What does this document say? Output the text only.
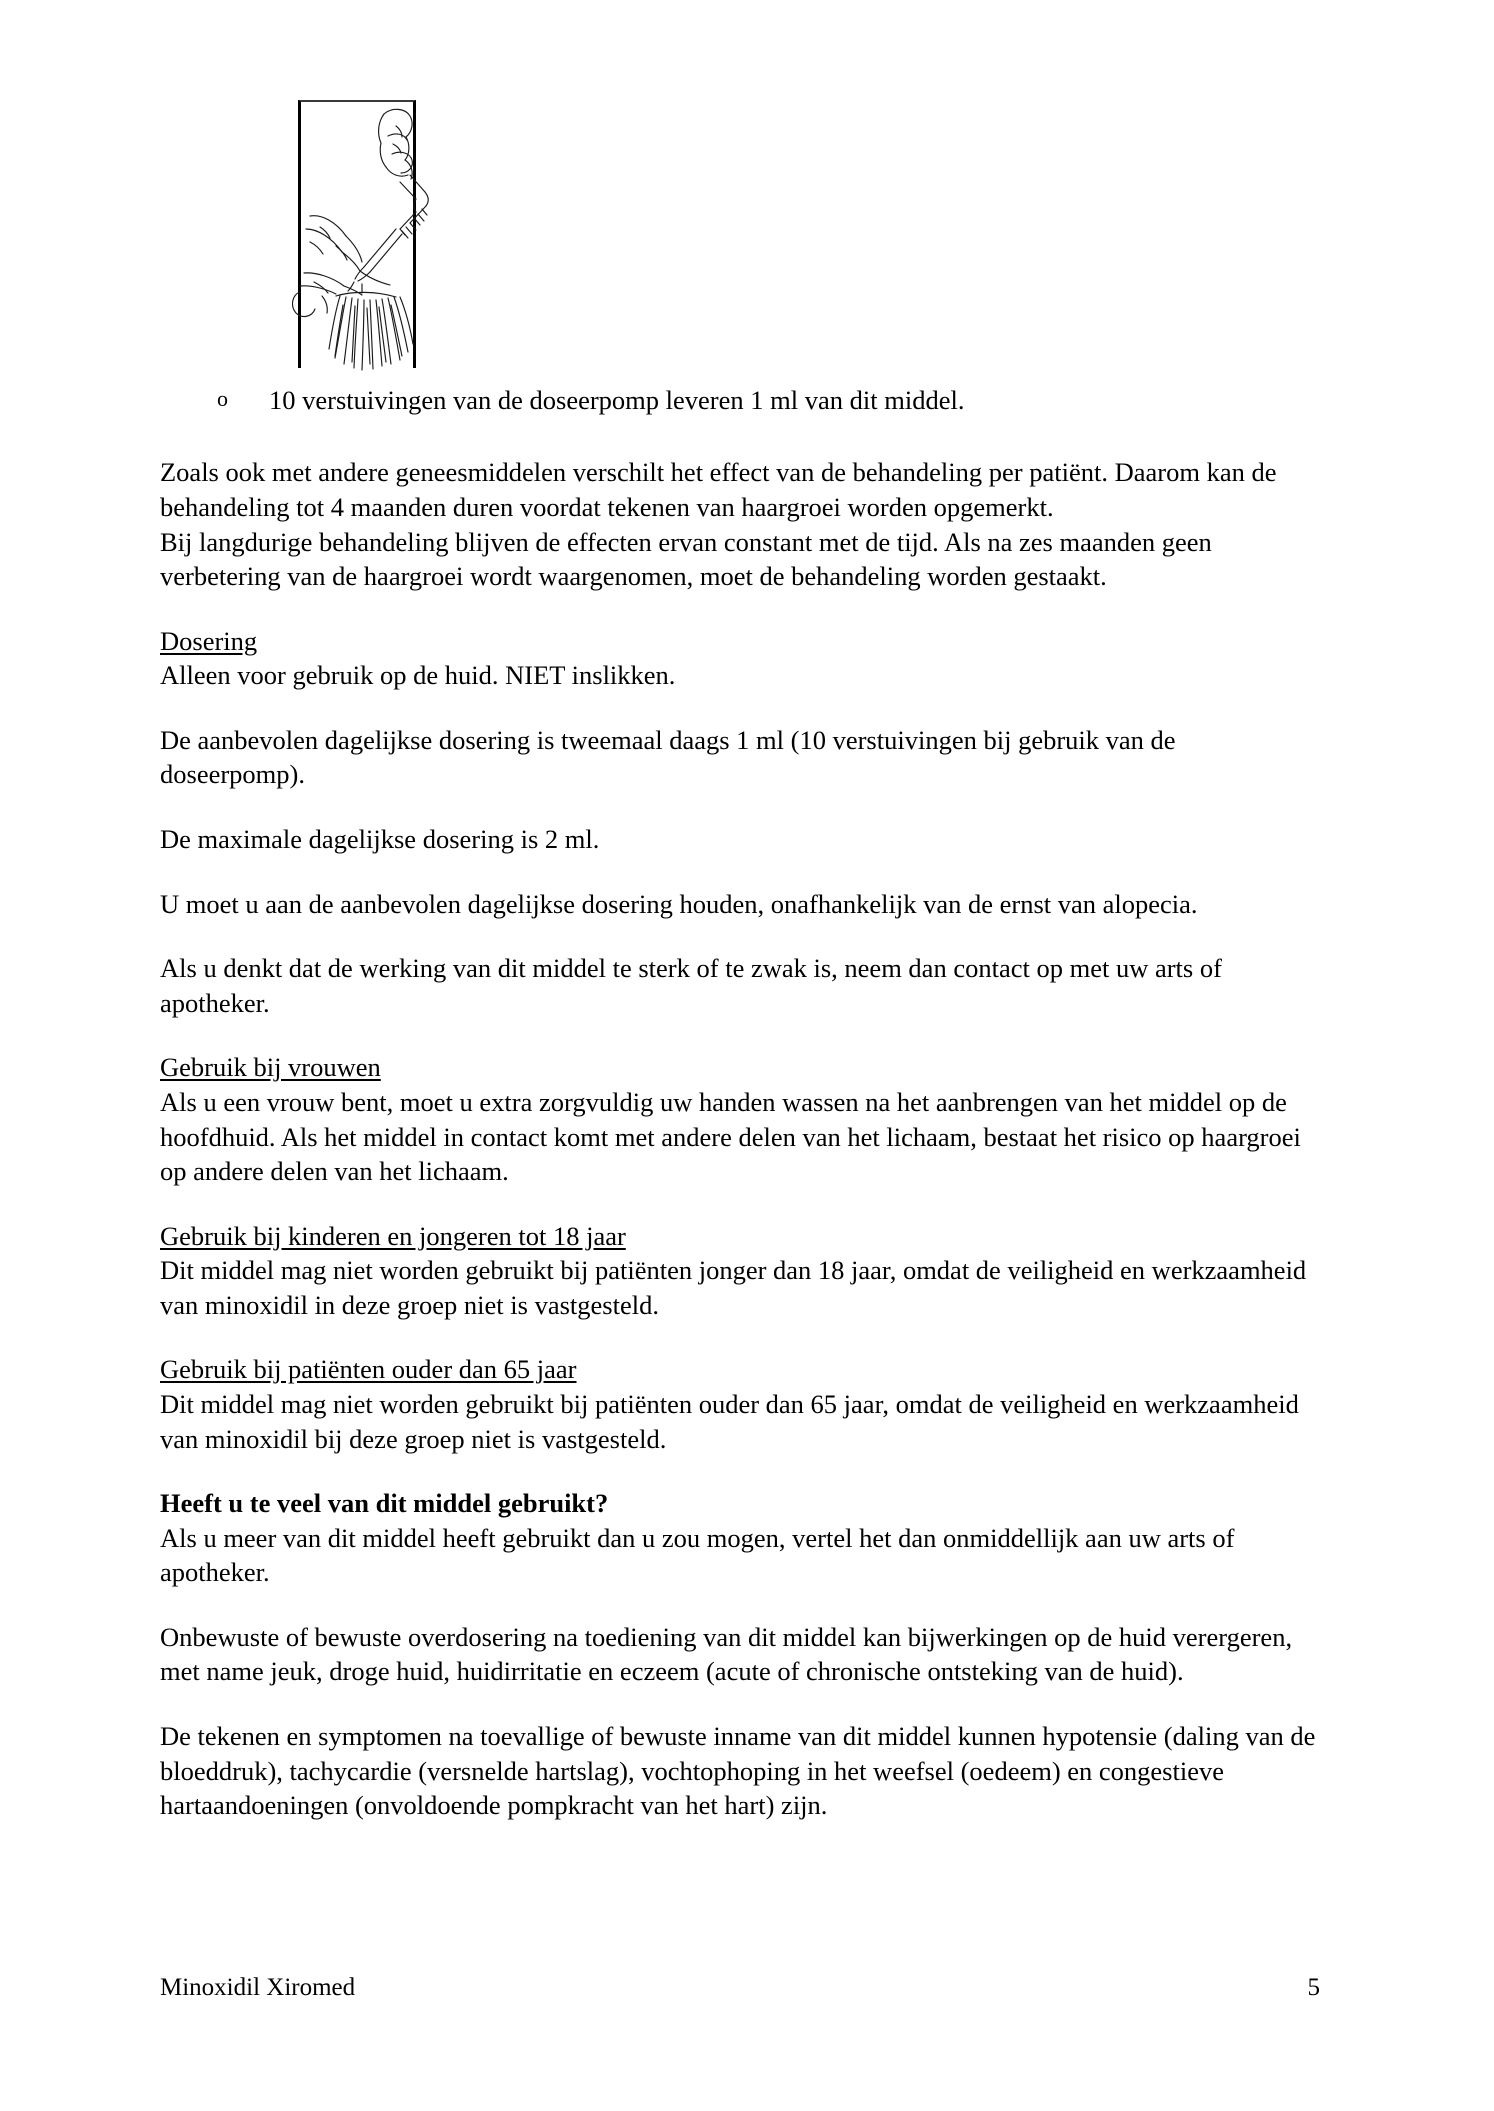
o	10 verstuivingen van de doseerpomp leveren 1 ml van dit middel.

Zoals ook met andere geneesmiddelen verschilt het effect van de behandeling per patiënt. Daarom kan de behandeling tot 4 maanden duren voordat tekenen van haargroei worden opgemerkt.

Bij langdurige behandeling blijven de effecten ervan constant met de tijd. Als na zes maanden geen verbetering van de haargroei wordt waargenomen, moet de behandeling worden gestaakt.

Dosering

Alleen voor gebruik op de huid. NIET inslikken.

De aanbevolen dagelijkse dosering is tweemaal daags 1 ml (10 verstuivingen bij gebruik van de doseerpomp).

De maximale dagelijkse dosering is 2 ml.

U moet u aan de aanbevolen dagelijkse dosering houden, onafhankelijk van de ernst van alopecia.

Als u denkt dat de werking van dit middel te sterk of te zwak is, neem dan contact op met uw arts of apotheker.

Gebruik bij vrouwen

Als u een vrouw bent, moet u extra zorgvuldig uw handen wassen na het aanbrengen van het middel op de hoofdhuid. Als het middel in contact komt met andere delen van het lichaam, bestaat het risico op haargroei op andere delen van het lichaam.

Gebruik bij kinderen en jongeren tot 18 jaar

Dit middel mag niet worden gebruikt bij patiënten jonger dan 18 jaar, omdat de veiligheid en werkzaamheid van minoxidil in deze groep niet is vastgesteld.

Gebruik bij patiënten ouder dan 65 jaar

Dit middel mag niet worden gebruikt bij patiënten ouder dan 65 jaar, omdat de veiligheid en werkzaamheid van minoxidil bij deze groep niet is vastgesteld.

Heeft u te veel van dit middel gebruikt?

Als u meer van dit middel heeft gebruikt dan u zou mogen, vertel het dan onmiddellijk aan uw arts of apotheker.

Onbewuste of bewuste overdosering na toediening van dit middel kan bijwerkingen op de huid verergeren, met name jeuk, droge huid, huidirritatie en eczeem (acute of chronische ontsteking van de huid).

De tekenen en symptomen na toevallige of bewuste inname van dit middel kunnen hypotensie (daling van de bloeddruk), tachycardie (versnelde hartslag), vochtophoping in het weefsel (oedeem) en congestieve hartaandoeningen (onvoldoende pompkracht van het hart) zijn.

Minoxidil Xiromed	5
